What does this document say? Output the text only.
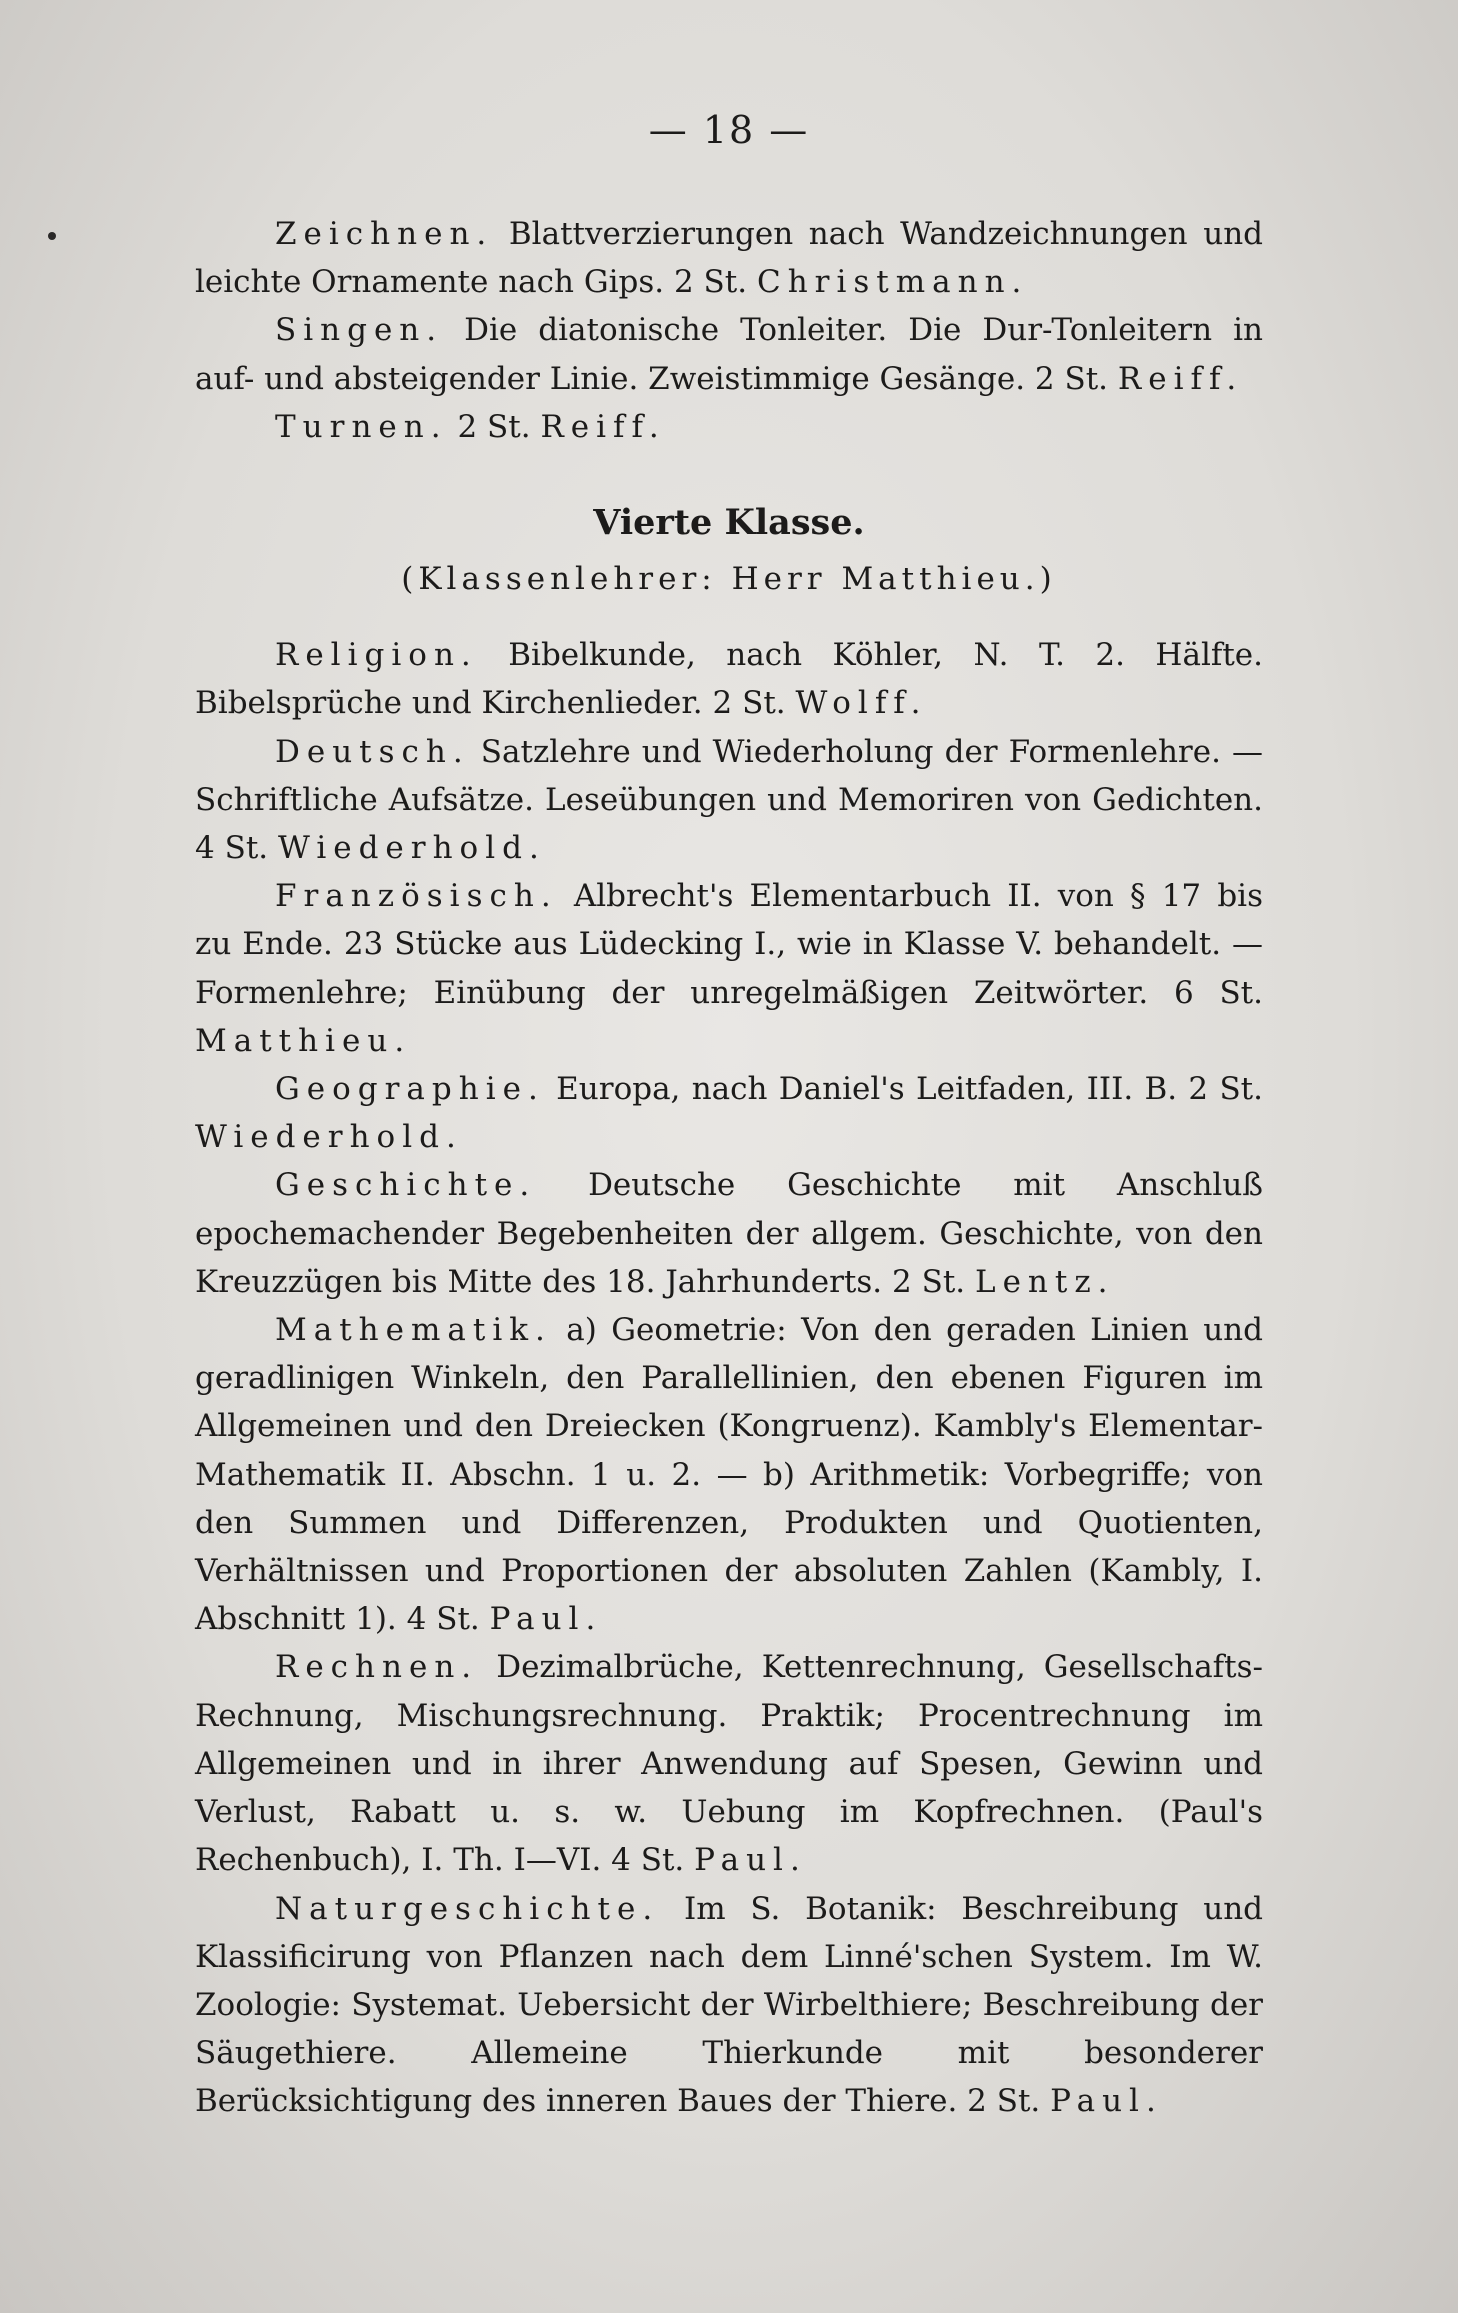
— 18 —

Zeichnen. Blattverzierungen nach Wandzeichnungen und leichte Ornamente nach Gips. 2 St. Christmann.

Singen. Die diatonische Tonleiter. Die Dur-Tonleitern in auf- und absteigender Linie. Zweistimmige Gesänge. 2 St. Reiff.

Turnen. 2 St. Reiff.

Vierte Klasse.
(Klassenlehrer: Herr Matthieu.)

Religion. Bibelkunde, nach Köhler, N. T. 2. Hälfte. Bibelsprüche und Kirchenlieder. 2 St. Wolff.

Deutsch. Satzlehre und Wiederholung der Formenlehre. — Schriftliche Aufsätze. Leseübungen und Memoriren von Gedichten. 4 St. Wiederhold.

Französisch. Albrecht's Elementarbuch II. von § 17 bis zu Ende. 23 Stücke aus Lüdecking I., wie in Klasse V. behandelt. — Formenlehre; Einübung der unregelmäßigen Zeitwörter. 6 St. Matthieu.

Geographie. Europa, nach Daniel's Leitfaden, III. B. 2 St. Wiederhold.

Geschichte. Deutsche Geschichte mit Anschluß epochemachender Begebenheiten der allgem. Geschichte, von den Kreuzzügen bis Mitte des 18. Jahrhunderts. 2 St. Lentz.

Mathematik. a) Geometrie: Von den geraden Linien und geradlinigen Winkeln, den Parallellinien, den ebenen Figuren im Allgemeinen und den Dreiecken (Kongruenz). Kambly's Elementar-Mathematik II. Abschn. 1 u. 2. — b) Arithmetik: Vorbegriffe; von den Summen und Differenzen, Produkten und Quotienten, Verhältnissen und Proportionen der absoluten Zahlen (Kambly, I. Abschnitt 1). 4 St. Paul.

Rechnen. Dezimalbrüche, Kettenrechnung, Gesellschafts-Rechnung, Mischungsrechnung. Praktik; Procentrechnung im Allgemeinen und in ihrer Anwendung auf Spesen, Gewinn und Verlust, Rabatt u. s. w. Uebung im Kopfrechnen. (Paul's Rechenbuch), I. Th. I—VI. 4 St. Paul.

Naturgeschichte. Im S. Botanik: Beschreibung und Klassificirung von Pflanzen nach dem Linné'schen System. Im W. Zoologie: Systemat. Uebersicht der Wirbelthiere; Beschreibung der Säugethiere. Allemeine Thierkunde mit besonderer Berücksichtigung des inneren Baues der Thiere. 2 St. Paul.
